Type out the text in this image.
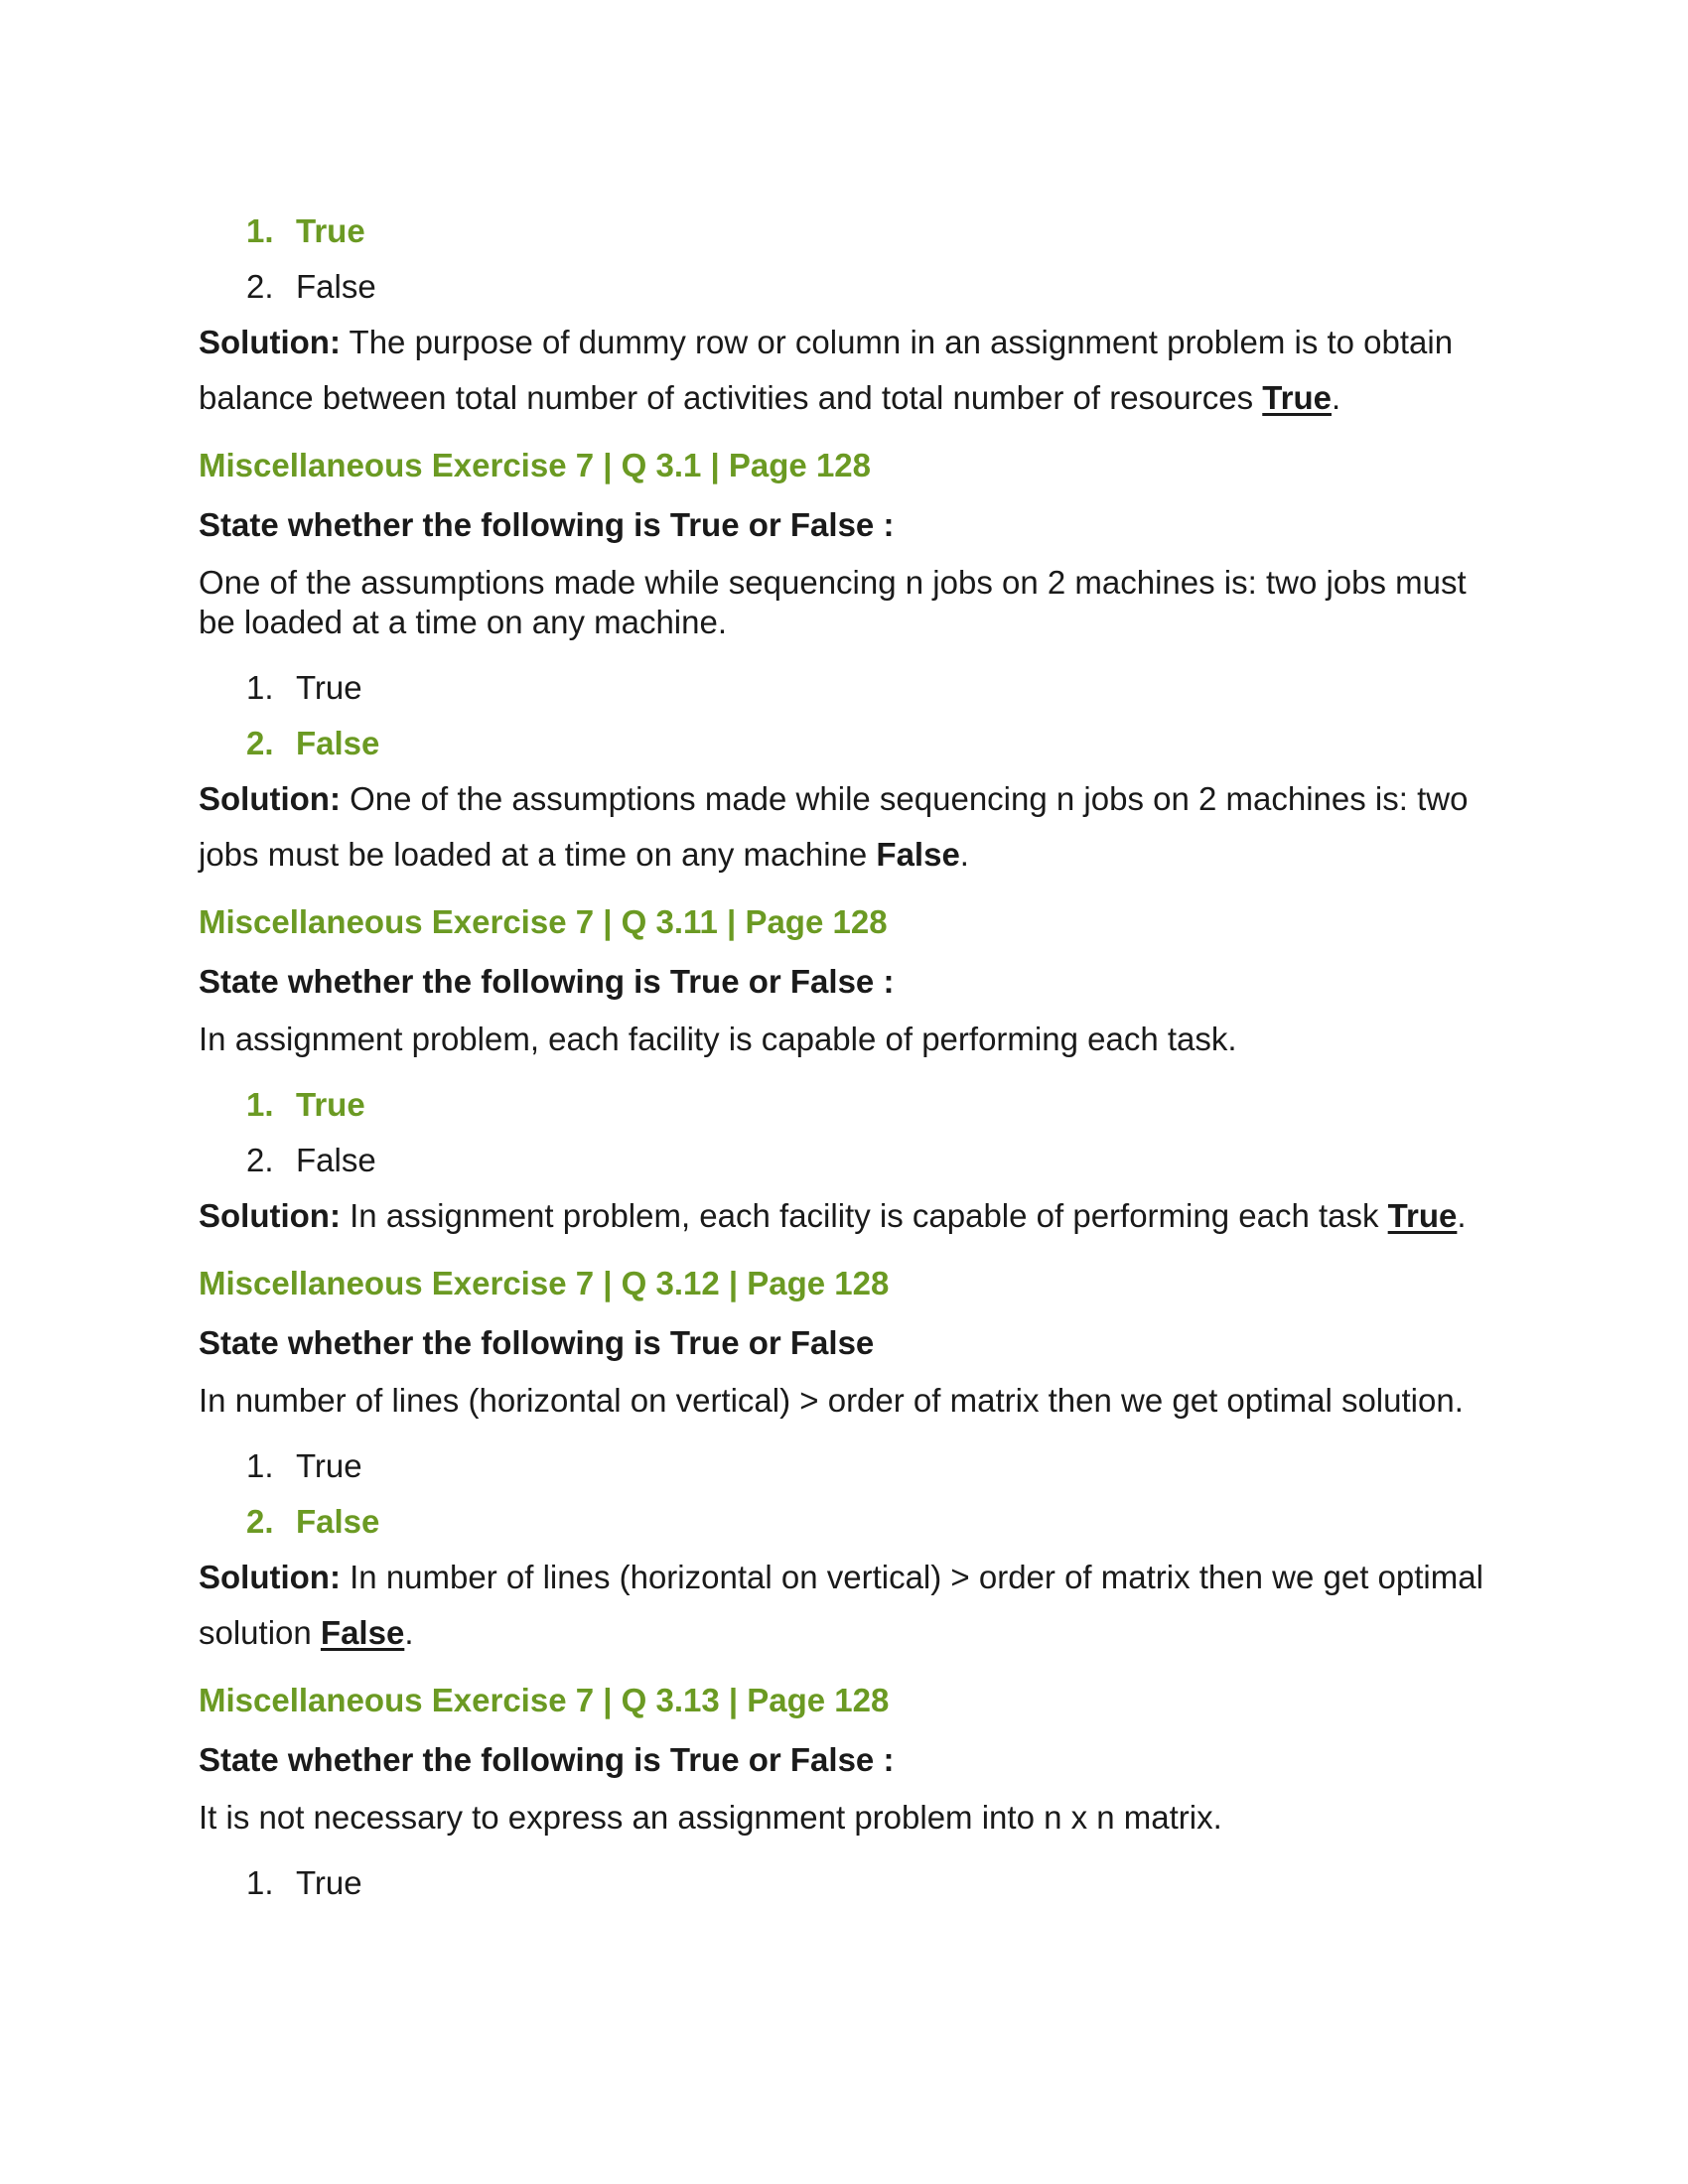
1. True
2. False

Solution: The purpose of dummy row or column in an assignment problem is to obtain balance between total number of activities and total number of resources True.

Miscellaneous Exercise 7 | Q 3.1 | Page 128
State whether the following is True or False :
One of the assumptions made while sequencing n jobs on 2 machines is: two jobs must be loaded at a time on any machine.
1. True
2. False

Solution: One of the assumptions made while sequencing n jobs on 2 machines is: two jobs must be loaded at a time on any machine False.

Miscellaneous Exercise 7 | Q 3.11 | Page 128
State whether the following is True or False :
In assignment problem, each facility is capable of performing each task.
1. True
2. False

Solution: In assignment problem, each facility is capable of performing each task True.

Miscellaneous Exercise 7 | Q 3.12 | Page 128
State whether the following is True or False
In number of lines (horizontal on vertical) > order of matrix then we get optimal solution.
1. True
2. False

Solution: In number of lines (horizontal on vertical) > order of matrix then we get optimal solution False.

Miscellaneous Exercise 7 | Q 3.13 | Page 128
State whether the following is True or False :
It is not necessary to express an assignment problem into n x n matrix.
1. True
